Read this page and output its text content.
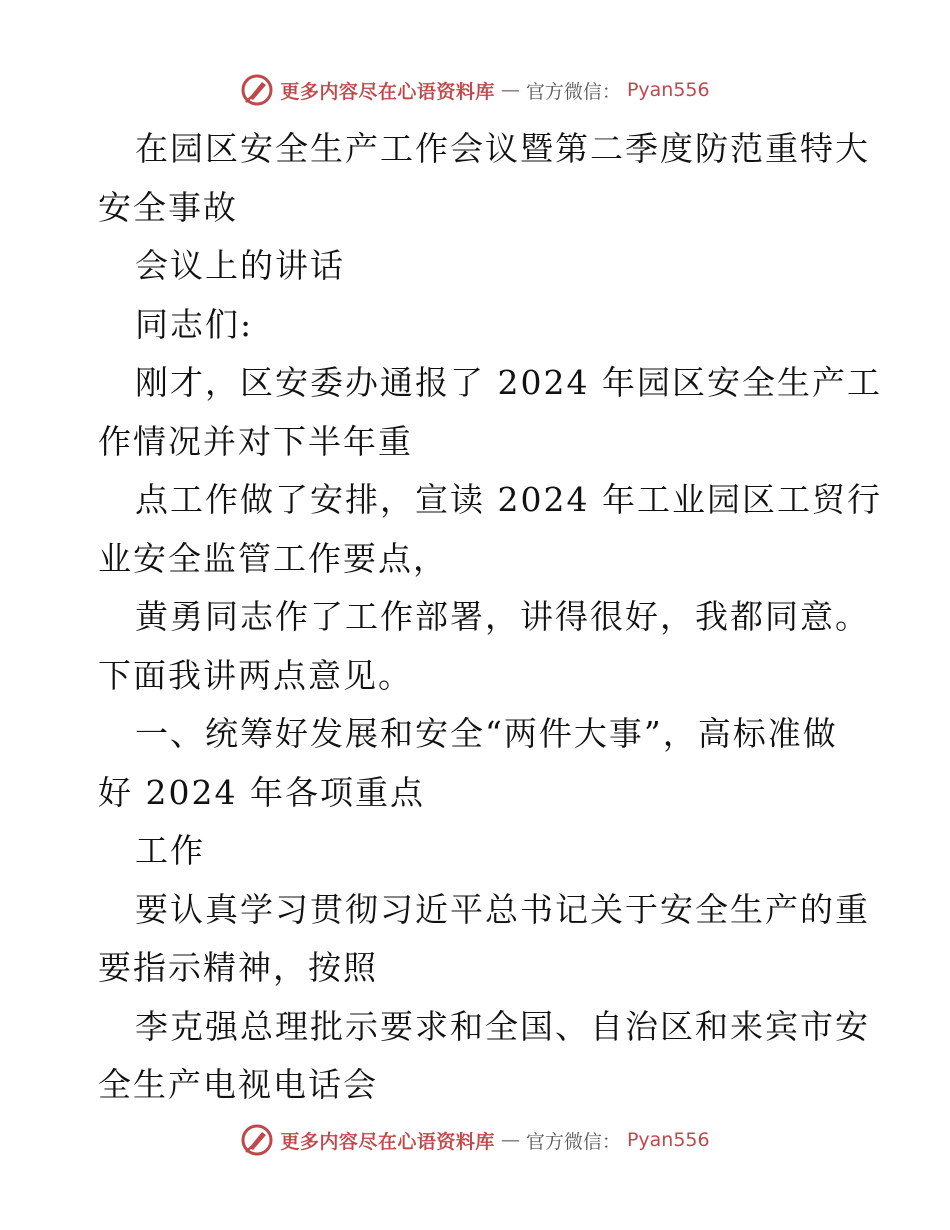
更多内容尽在心语资料库 — 官方微信： Pyan556
在园区安全生产工作会议暨第二季度防范重特大
安全事故
会议上的讲话
同志们:
刚才，区安委办通报了 2024 年园区安全生产工
作情况并对下半年重
点工作做了安排，宣读 2024 年工业园区工贸行
业安全监管工作要点，
黄勇同志作了工作部署，讲得很好，我都同意。
下面我讲两点意见。
一、统筹好发展和安全“两件大事”，高标准做
好 2024 年各项重点
工作
要认真学习贯彻习近平总书记关于安全生产的重
要指示精神，按照
李克强总理批示要求和全国、自治区和来宾市安
全生产电视电话会
更多内容尽在心语资料库 — 官方微信： Pyan556
